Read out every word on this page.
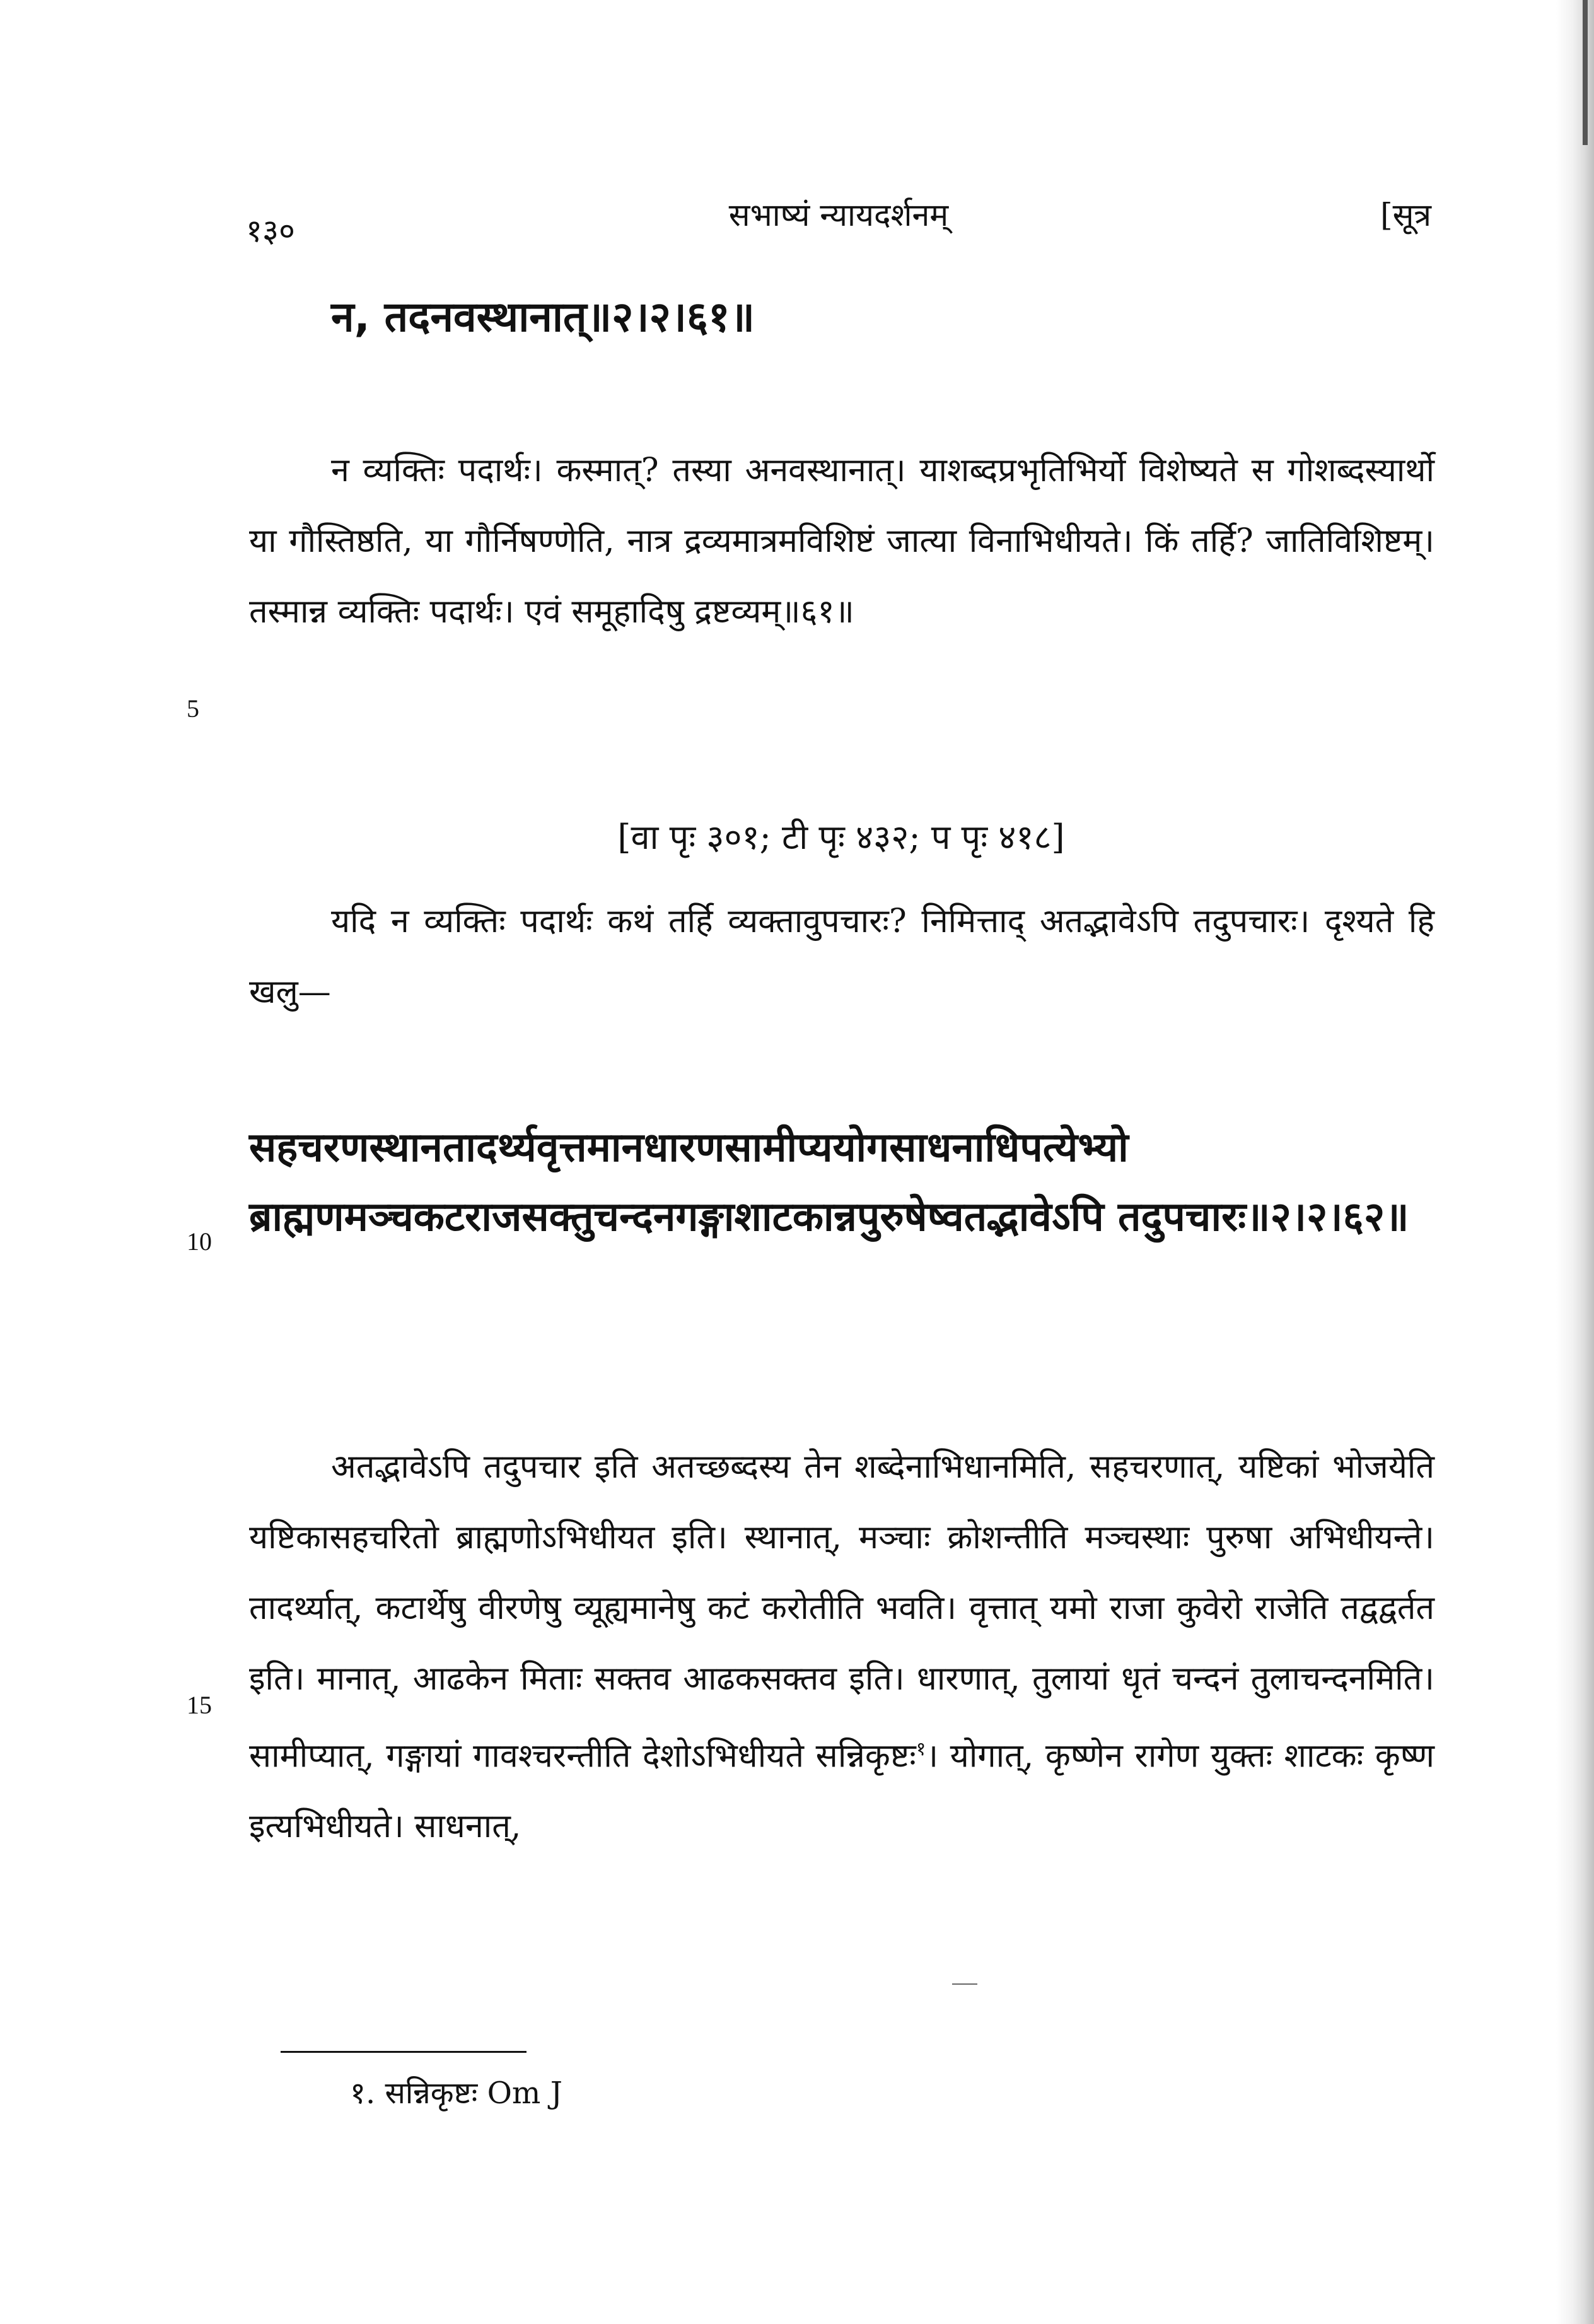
१३०	सभाष्यं न्यायदर्शनम्	[सूत्र
न, तदनवस्थानात्॥२।२।६१॥

न व्यक्तिः पदार्थः। कस्मात्? तस्या अनवस्थानात्। याशब्दप्रभृतिभिर्यो विशेष्यते स गोशब्दस्यार्थो या गौस्तिष्ठति, या गौर्निषण्णेति, नात्र द्रव्यमात्रमविशिष्टं जात्या विनाभिधीयते। किं तर्हि? जातिविशिष्टम्। तस्मान्न व्यक्तिः पदार्थः। एवं समूहादिषु द्रष्टव्यम्॥६१॥

5
[वा पृः ३०१; टी पृः ४३२; प पृः ४१८]

यदि न व्यक्तिः पदार्थः कथं तर्हि व्यक्तावुपचारः? निमित्ताद् अतद्भावेऽपि तदुपचारः। दृश्यते हि खलु—

सहचरणस्थानतादर्थ्यवृत्तमानधारणसामीप्ययोगसाधनाधिपत्येभ्यो ब्राह्मणमञ्चकटराजसक्तुचन्दनगङ्गाशाटकान्नपुरुषेष्वतद्भावेऽपि तदुपचारः॥२।२।६२॥
10

अतद्भावेऽपि तदुपचार इति अतच्छब्दस्य तेन शब्देनाभिधानमिति, सहचरणात्, यष्टिकां भोजयेति यष्टिकासहचरितो ब्राह्मणोऽभिधीयत इति। स्थानात्, मञ्चाः क्रोशन्तीति मञ्चस्थाः पुरुषा अभिधीयन्ते। तादर्थ्यात्, कटार्थेषु वीरणेषु व्यूह्यमानेषु कटं करोतीति भवति। वृत्तात् यमो राजा कुवेरो राजेति तद्वद्वर्तत इति। मानात्, आढकेन मिताः सक्तव आढकसक्तव इति। धारणात्, तुलायां धृतं चन्दनं तुलाचन्दनमिति। सामीप्यात्, गङ्गायां गावश्चरन्तीति देशोऽभिधीयते सन्निकृष्टः$^१$। योगात्, कृष्णेन रागेण युक्तः शाटकः कृष्ण इत्यभिधीयते। साधनात्,

15
१. सन्निकृष्टः Om J
